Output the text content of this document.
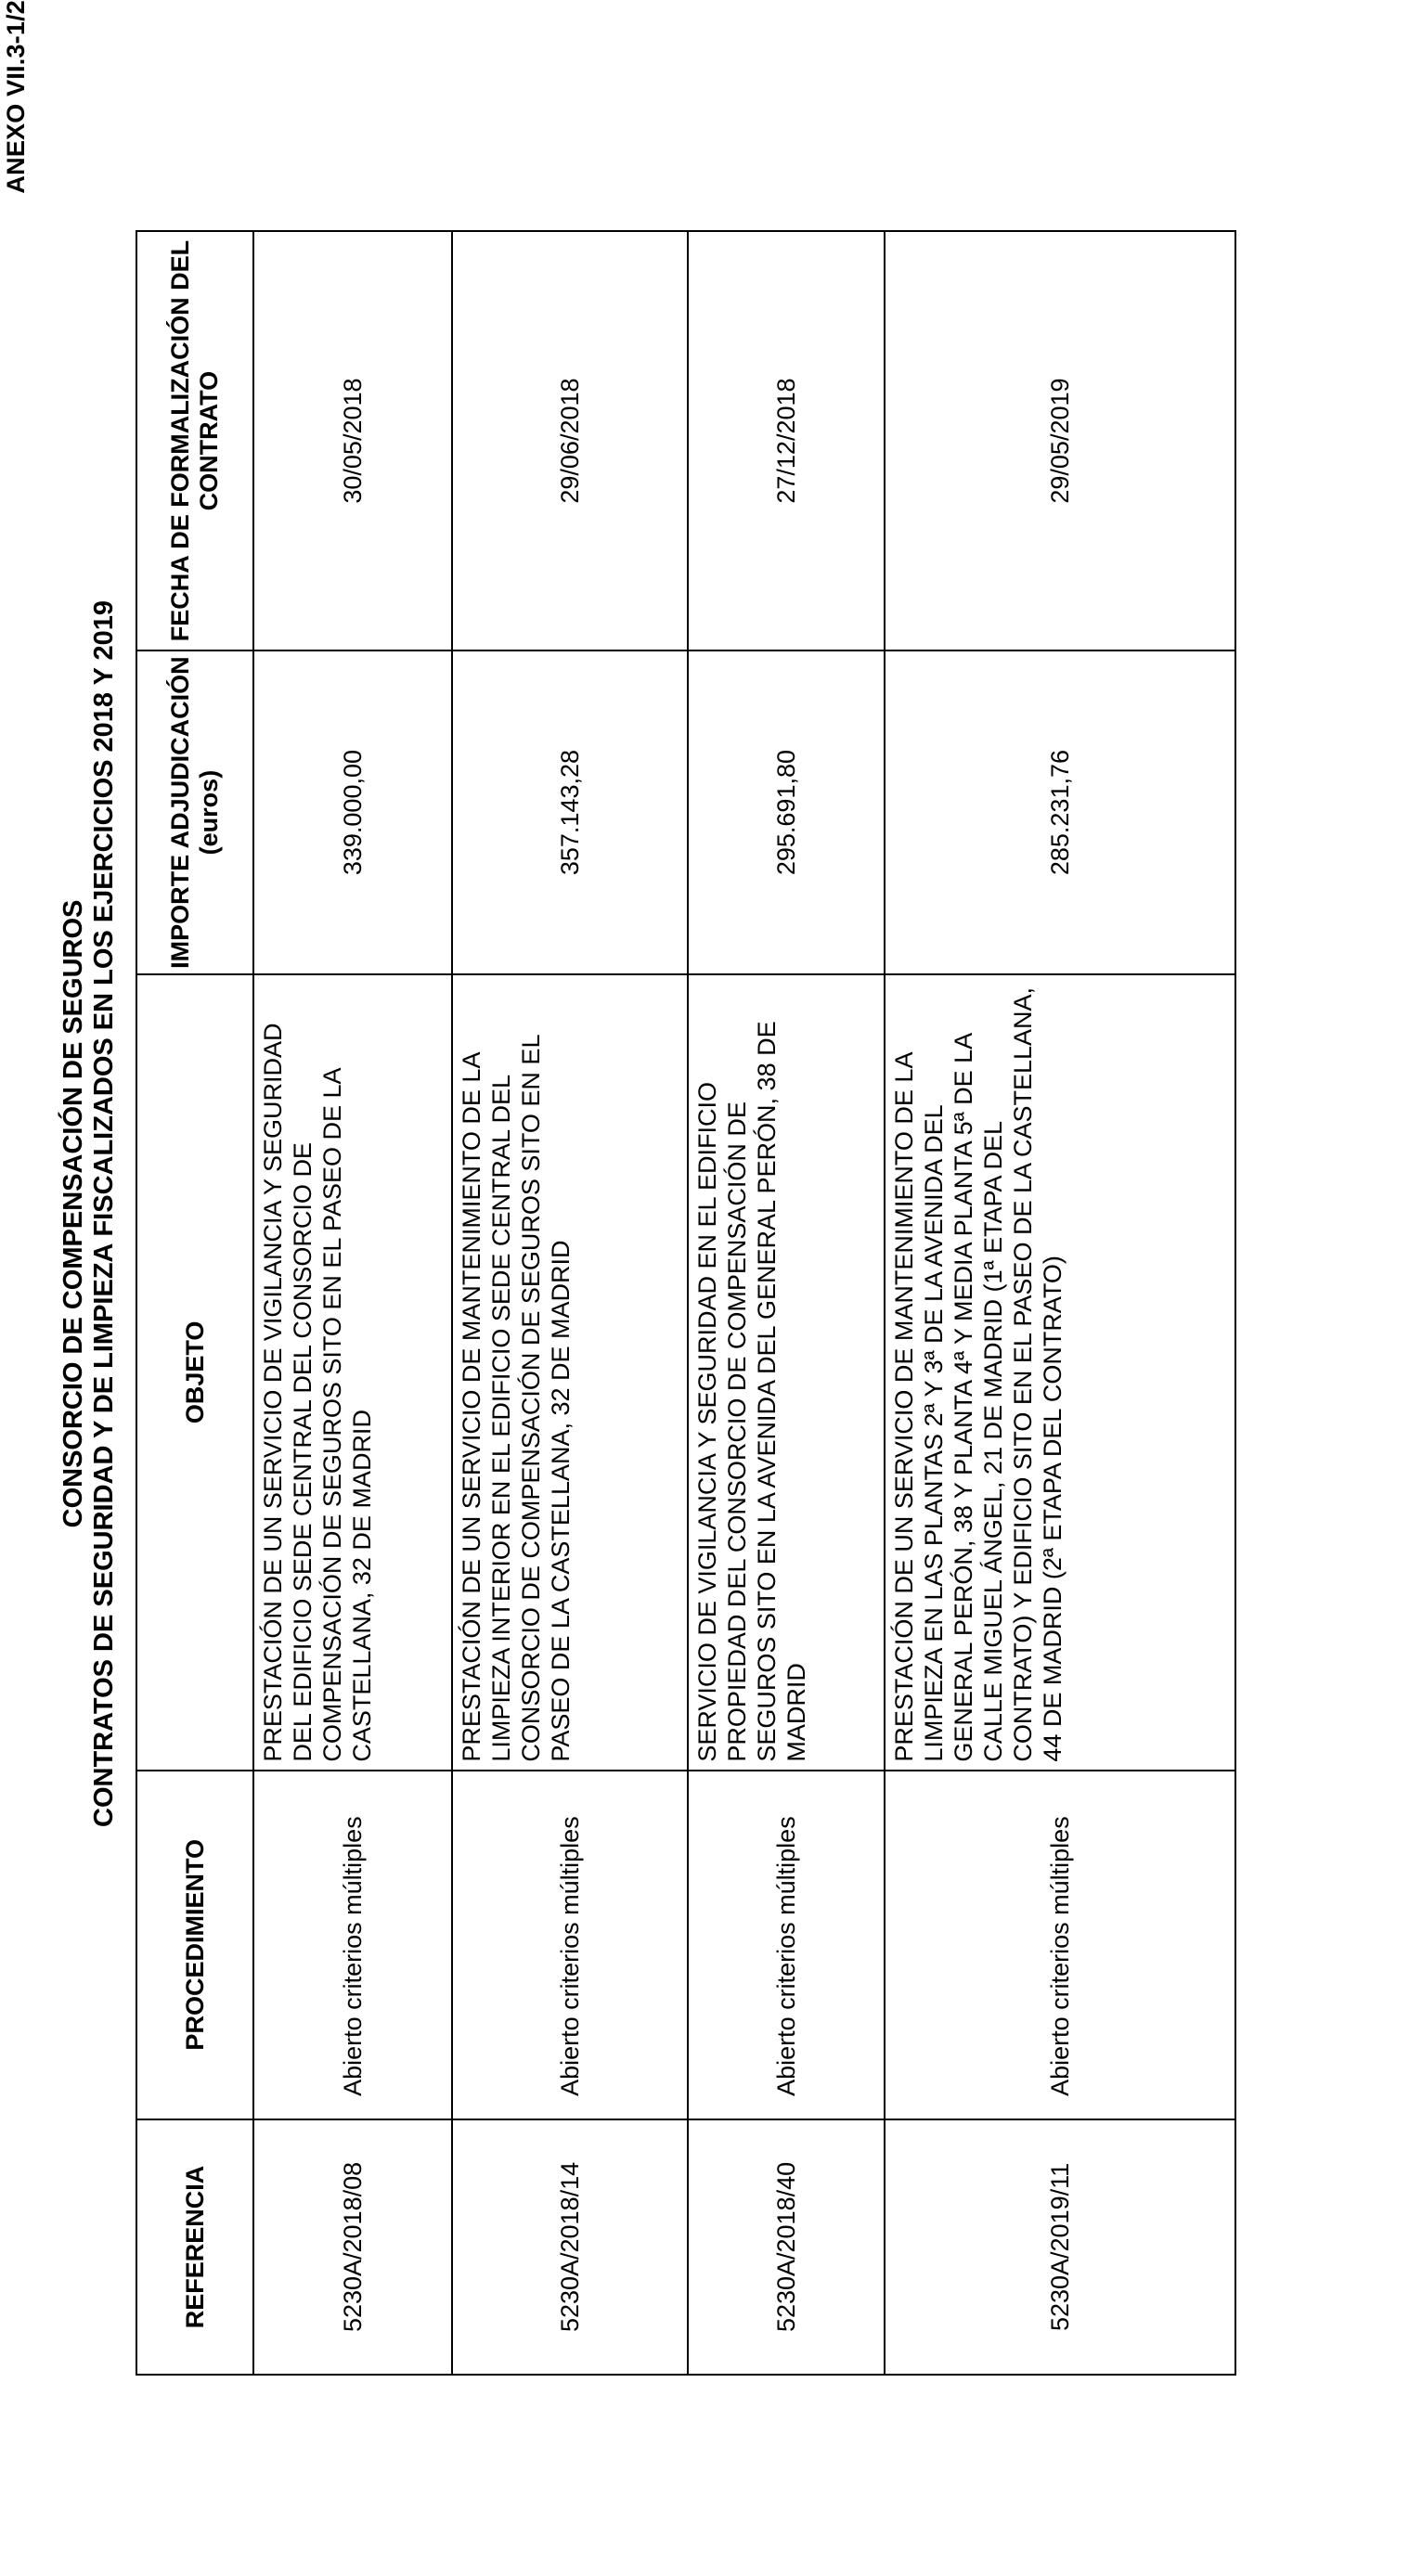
ANEXO VII.3-1/2
CONSORCIO DE COMPENSACIÓN DE SEGUROS CONTRATOS DE SEGURIDAD Y DE LIMPIEZA FISCALIZADOS EN LOS EJERCICIOS 2018 Y 2019
REFERENCIA	PROCEDIMIENTO	OBJETO	IMPORTE ADJUDICACIÓN (euros)	FECHA DE FORMALIZACIÓN DEL CONTRATO
5230A/2018/08	Abierto criterios múltiples	PRESTACIÓN DE UN SERVICIO DE VIGILANCIA Y SEGURIDAD DEL EDIFICIO SEDE CENTRAL DEL CONSORCIO DE COMPENSACIÓN DE SEGUROS SITO EN EL PASEO DE LA CASTELLANA, 32 DE MADRID	339.000,00	30/05/2018
5230A/2018/14	Abierto criterios múltiples	PRESTACIÓN DE UN SERVICIO DE MANTENIMIENTO DE LA LIMPIEZA INTERIOR EN EL EDIFICIO SEDE CENTRAL DEL CONSORCIO DE COMPENSACIÓN DE SEGUROS SITO EN EL PASEO DE LA CASTELLANA, 32 DE MADRID	357.143,28	29/06/2018
5230A/2018/40	Abierto criterios múltiples	SERVICIO DE VIGILANCIA Y SEGURIDAD EN EL EDIFICIO PROPIEDAD DEL CONSORCIO DE COMPENSACIÓN DE SEGUROS SITO EN LA AVENIDA DEL GENERAL PERÓN, 38 DE MADRID	295.691,80	27/12/2018
5230A/2019/11	Abierto criterios múltiples	PRESTACIÓN DE UN SERVICIO DE MANTENIMIENTO DE LA LIMPIEZA EN LAS PLANTAS 2ª Y 3ª DE LA AVENIDA DEL GENERAL PERÓN, 38 Y PLANTA 4ª Y MEDIA PLANTA 5ª DE LA CALLE MIGUEL ÁNGEL, 21 DE MADRID (1ª ETAPA DEL CONTRATO) Y EDIFICIO SITO EN EL PASEO DE LA CASTELLANA, 44 DE MADRID (2ª ETAPA DEL CONTRATO)	285.231,76	29/05/2019
